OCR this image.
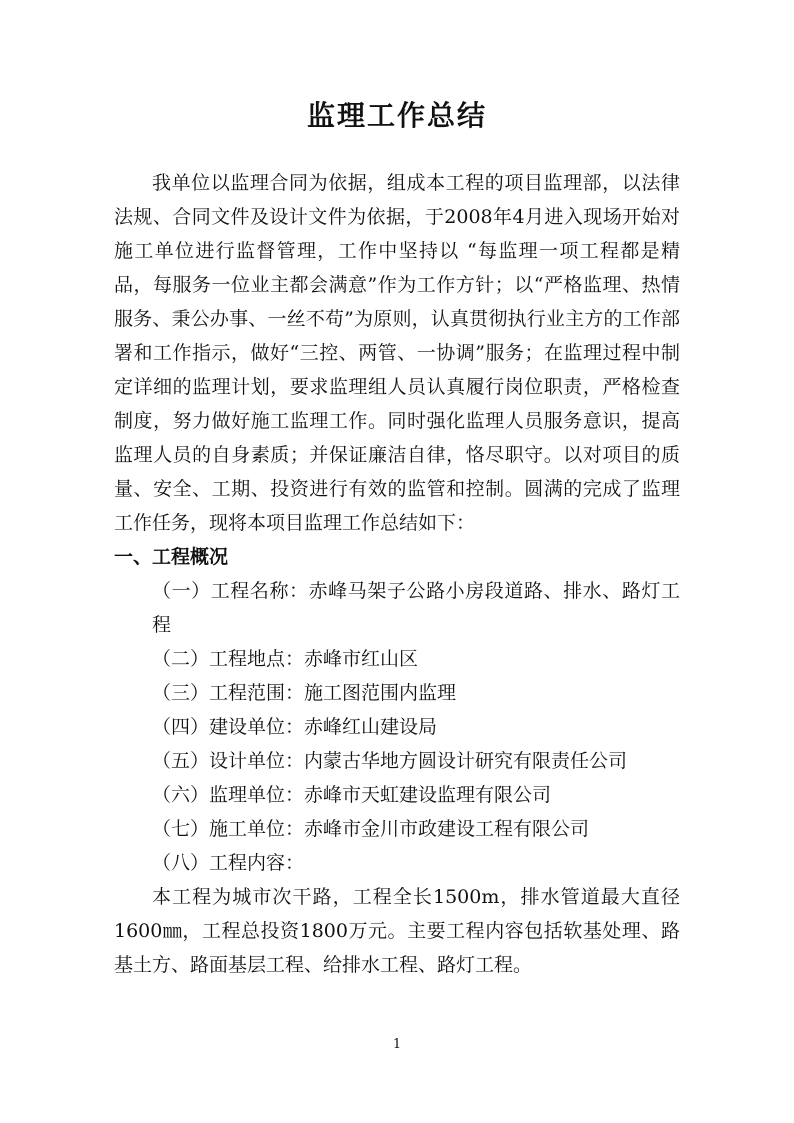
监理工作总结

我单位以监理合同为依据，组成本工程的项目监理部，以法律法规、合同文件及设计文件为依据，于2008年4月进入现场开始对施工单位进行监督管理，工作中坚持以 “每监理一项工程都是精品，每服务一位业主都会满意”作为工作方针；以“严格监理、热情服务、秉公办事、一丝不苟”为原则，认真贯彻执行业主方的工作部署和工作指示，做好“三控、两管、一协调”服务；在监理过程中制定详细的监理计划，要求监理组人员认真履行岗位职责，严格检查制度，努力做好施工监理工作。同时强化监理人员服务意识，提高监理人员的自身素质；并保证廉洁自律，恪尽职守。以对项目的质量、安全、工期、投资进行有效的监管和控制。圆满的完成了监理工作任务，现将本项目监理工作总结如下：

一、工程概况

（一）工程名称：赤峰马架子公路小房段道路、排水、路灯工程

（二）工程地点：赤峰市红山区

（三）工程范围：施工图范围内监理

（四）建设单位：赤峰红山建设局

（五）设计单位：内蒙古华地方圆设计研究有限责任公司

（六）监理单位：赤峰市天虹建设监理有限公司

（七）施工单位：赤峰市金川市政建设工程有限公司

（八）工程内容：

本工程为城市次干路，工程全长1500m，排水管道最大直径1600㎜，工程总投资1800万元。主要工程内容包括软基处理、路基土方、路面基层工程、给排水工程、路灯工程。

1
